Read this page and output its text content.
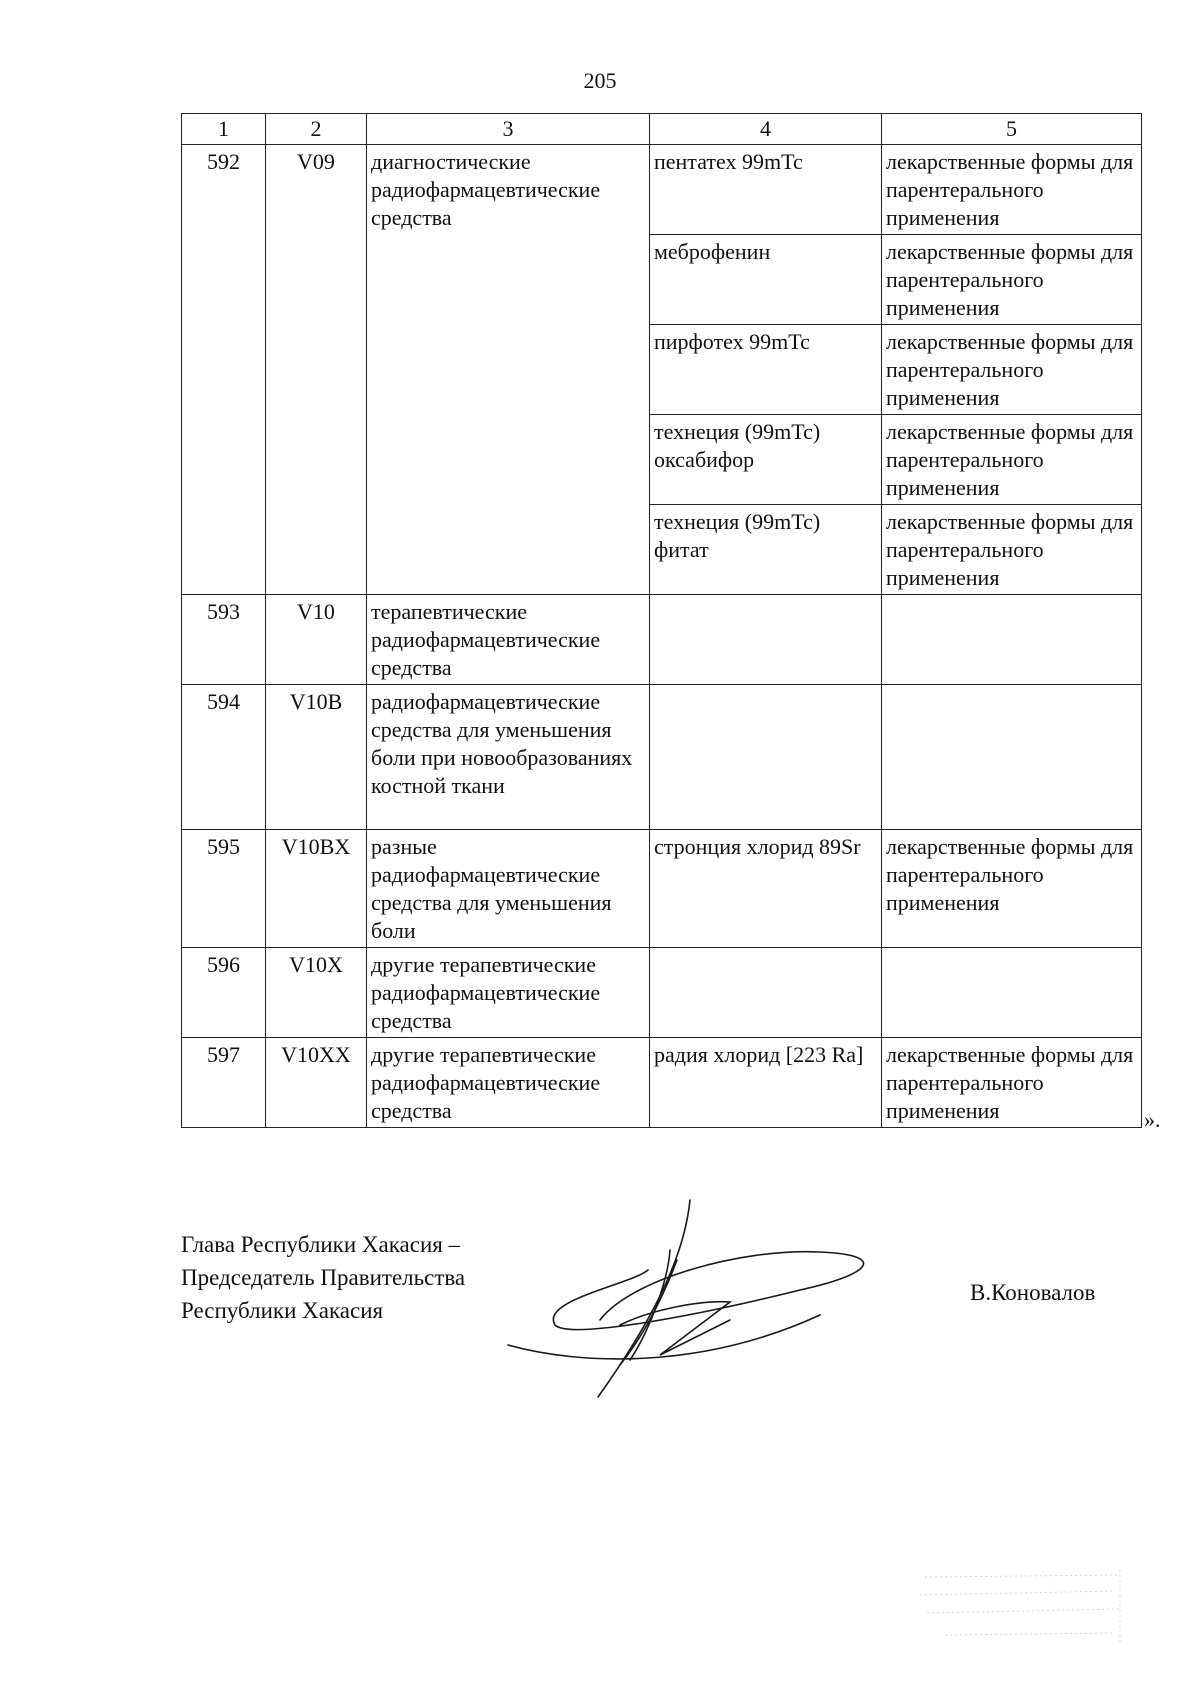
205
1	2	3	4	5
592	V09	диагностические радиофармацевтические средства	пентатех 99mTc	лекарственные формы для парентерального применения
			меброфенин	лекарственные формы для парентерального применения
			пирфотех 99mTc	лекарственные формы для парентерального применения
			технеция (99mTc) оксабифор	лекарственные формы для парентерального применения
			технеция (99mTc) фитат	лекарственные формы для парентерального применения
593	V10	терапевтические радиофармацевтические средства		
594	V10B	радиофармацевтические средства для уменьшения боли при новообразованиях костной ткани		
595	V10BX	разные радиофармацевтические средства для уменьшения боли	стронция хлорид 89Sr	лекарственные формы для парентерального применения
596	V10X	другие терапевтические радиофармацевтические средства		
597	V10XX	другие терапевтические радиофармацевтические средства	радия хлорид [223 Ra]	лекарственные формы для парентерального применения	».
Глава Республики Хакасия –
Председатель Правительства
Республики Хакасия
В.Коновалов
